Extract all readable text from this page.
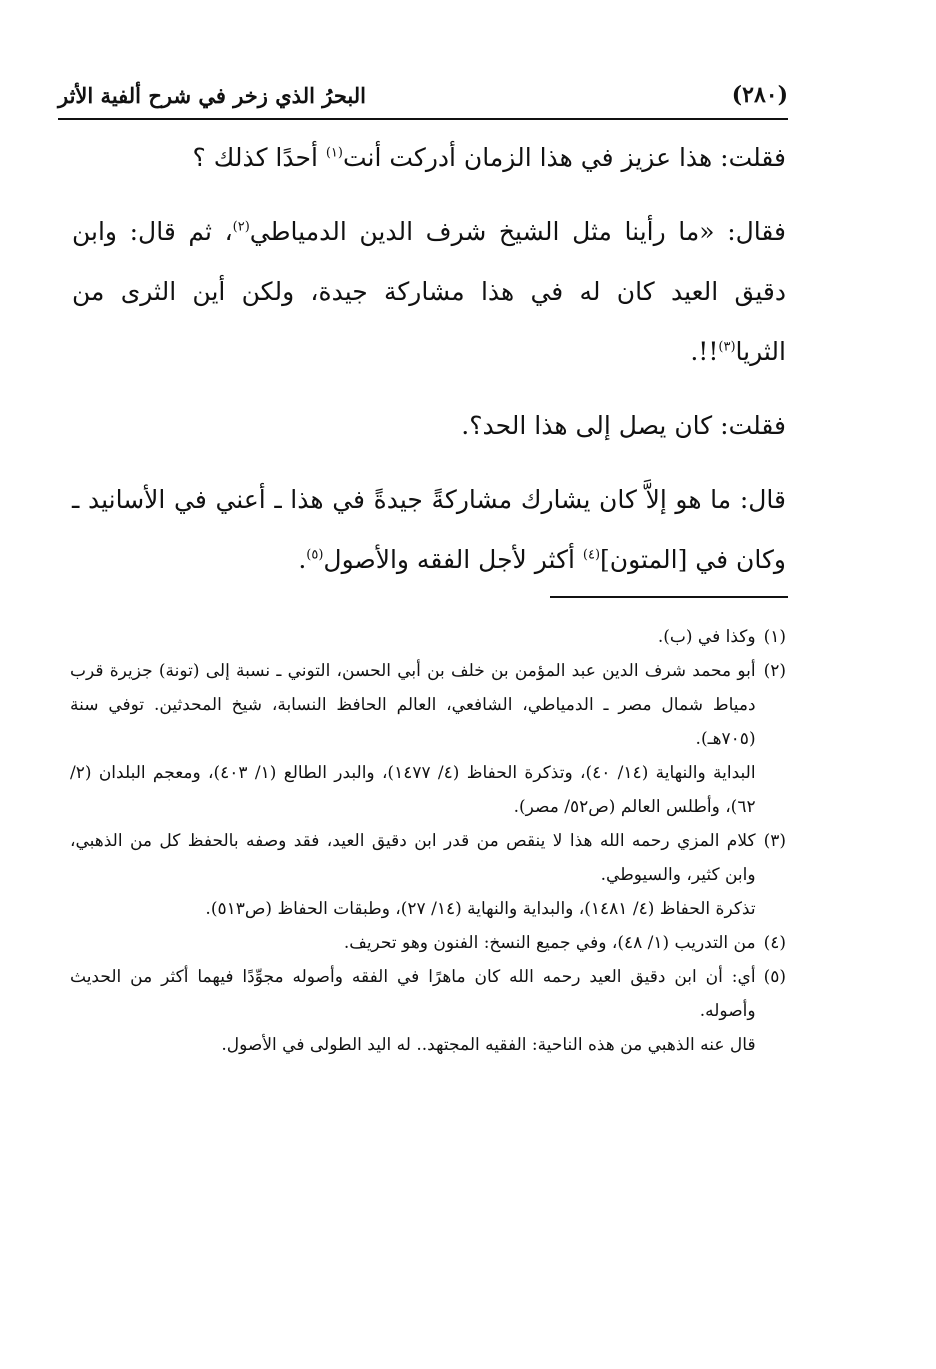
(٢٨٠)
البحرُ الذي زخر في شرح ألفية الأثر

فقلت: هذا عزيز في هذا الزمان أدركت أنت$^{(١)}$ أحدًا كذلك ؟

فقال: «ما رأينا مثل الشيخ شرف الدين الدمياطي$^{(٢)}$، ثم قال: وابن دقيق العيد كان له في هذا مشاركة جيدة، ولكن أين الثرى من الثريا$^{(٣)}$!!.

فقلت: كان يصل إلى هذا الحد؟.

قال: ما هو إلاَّ كان يشارك مشاركةً جيدةً في هذا ـ أعني في الأسانيد ـ وكان في [المتون]$^{(٤)}$ أكثر لأجل الفقه والأصول$^{(٥)}$.

(١)
وكذا في (ب).
(٢)
أبو محمد شرف الدين عبد المؤمن بن خلف بن أبي الحسن، التوني ـ نسبة إلى (تونة) جزيرة قرب دمياط شمال مصر ـ الدمياطي، الشافعي، العالم الحافظ النسابة، شيخ المحدثين. توفي سنة (٧٠٥هـ).
البداية والنهاية (١٤/ ٤٠)، وتذكرة الحفاظ (٤/ ١٤٧٧)، والبدر الطالع (١/ ٤٠٣)، ومعجم البلدان (٢/ ٦٢)، وأطلس العالم (ص٥٢/ مصر).
(٣)
كلام المزي رحمه الله هذا لا ينقص من قدر ابن دقيق العيد، فقد وصفه بالحفظ كل من الذهبي، وابن كثير، والسيوطي.
تذكرة الحفاظ (٤/ ١٤٨١)، والبداية والنهاية (١٤/ ٢٧)، وطبقات الحفاظ (ص٥١٣).
(٤)
من التدريب (١/ ٤٨)، وفي جميع النسخ: الفنون وهو تحريف.
(٥)
أي: أن ابن دقيق العيد رحمه الله كان ماهرًا في الفقه وأصوله مجوِّدًا فيهما أكثر من الحديث وأصوله.
قال عنه الذهبي من هذه الناحية: الفقيه المجتهد.. له اليد الطولى في الأصول.
